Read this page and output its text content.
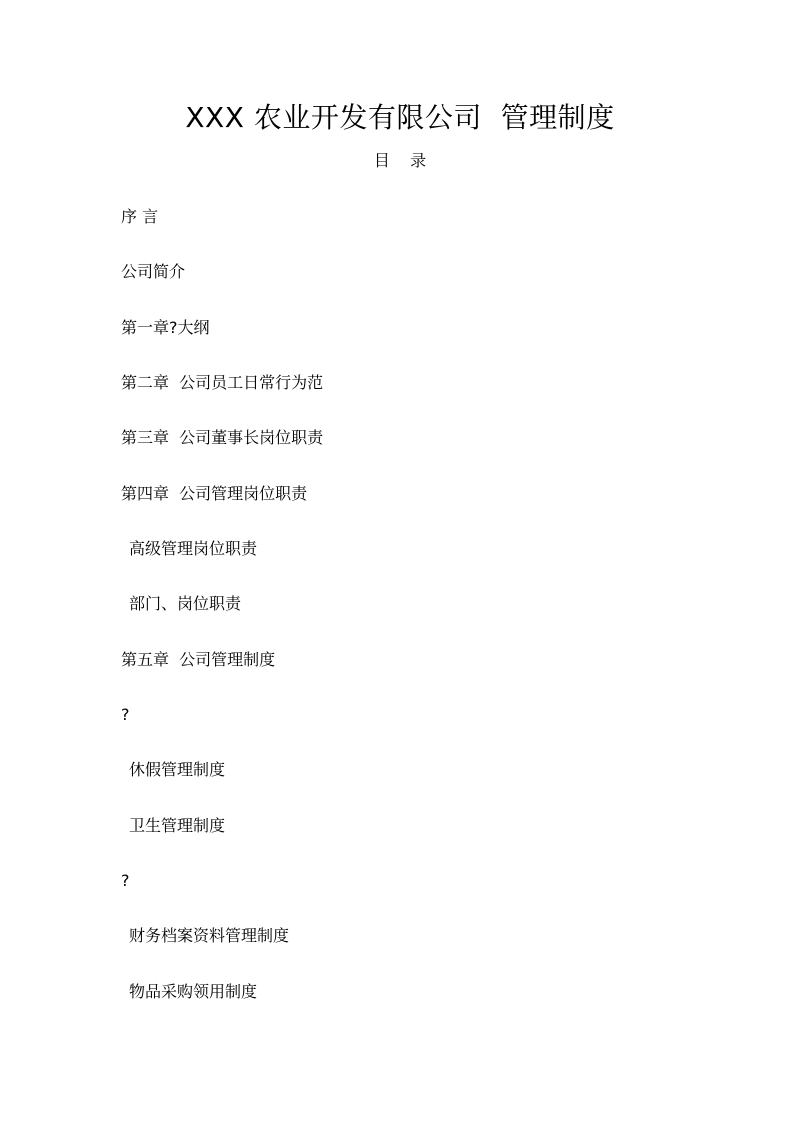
XXX 农业开发有限公司  管理制度
目    录
序 言
公司简介
第一章?大纲
第二章  公司员工日常行为范
第三章  公司董事长岗位职责
第四章  公司管理岗位职责
高级管理岗位职责
部门、岗位职责
第五章  公司管理制度
?
休假管理制度
卫生管理制度
?
财务档案资料管理制度
物品采购领用制度
